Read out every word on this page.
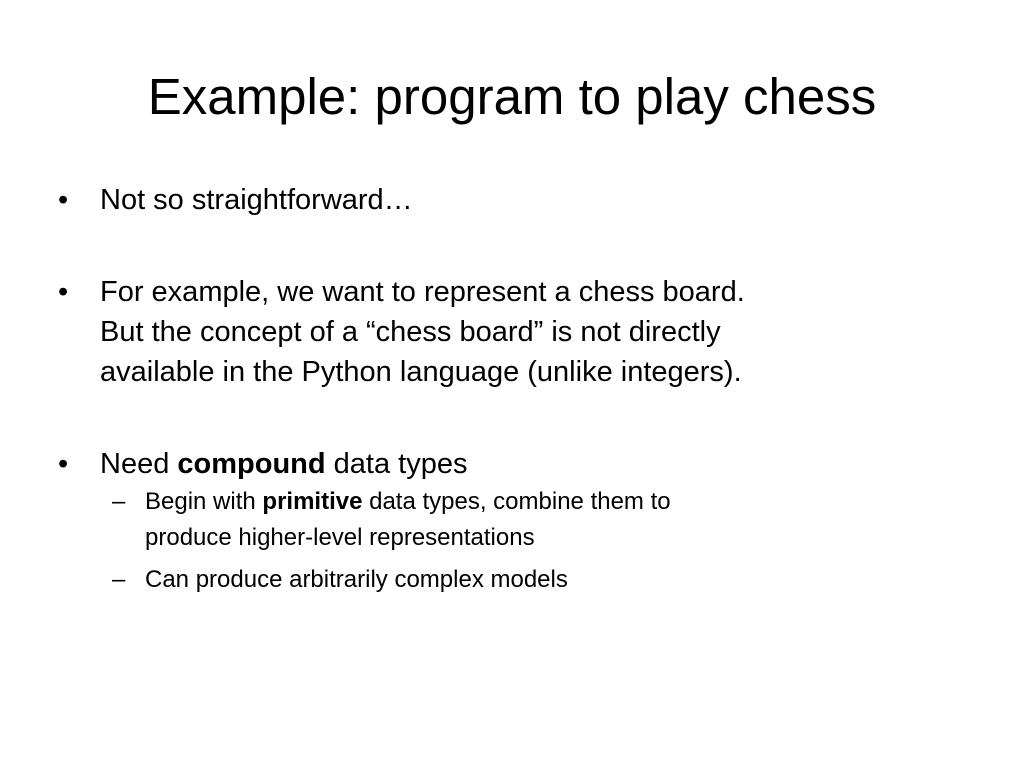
Example: program to play chess
•	Not so straightforward…
•	For example, we want to represent a chess board.
But the concept of a “chess board” is not directly
available in the Python language (unlike integers).
•	Need compound data types
– Begin with primitive data types, combine them to
produce higher-level representations
– Can produce arbitrarily complex models
